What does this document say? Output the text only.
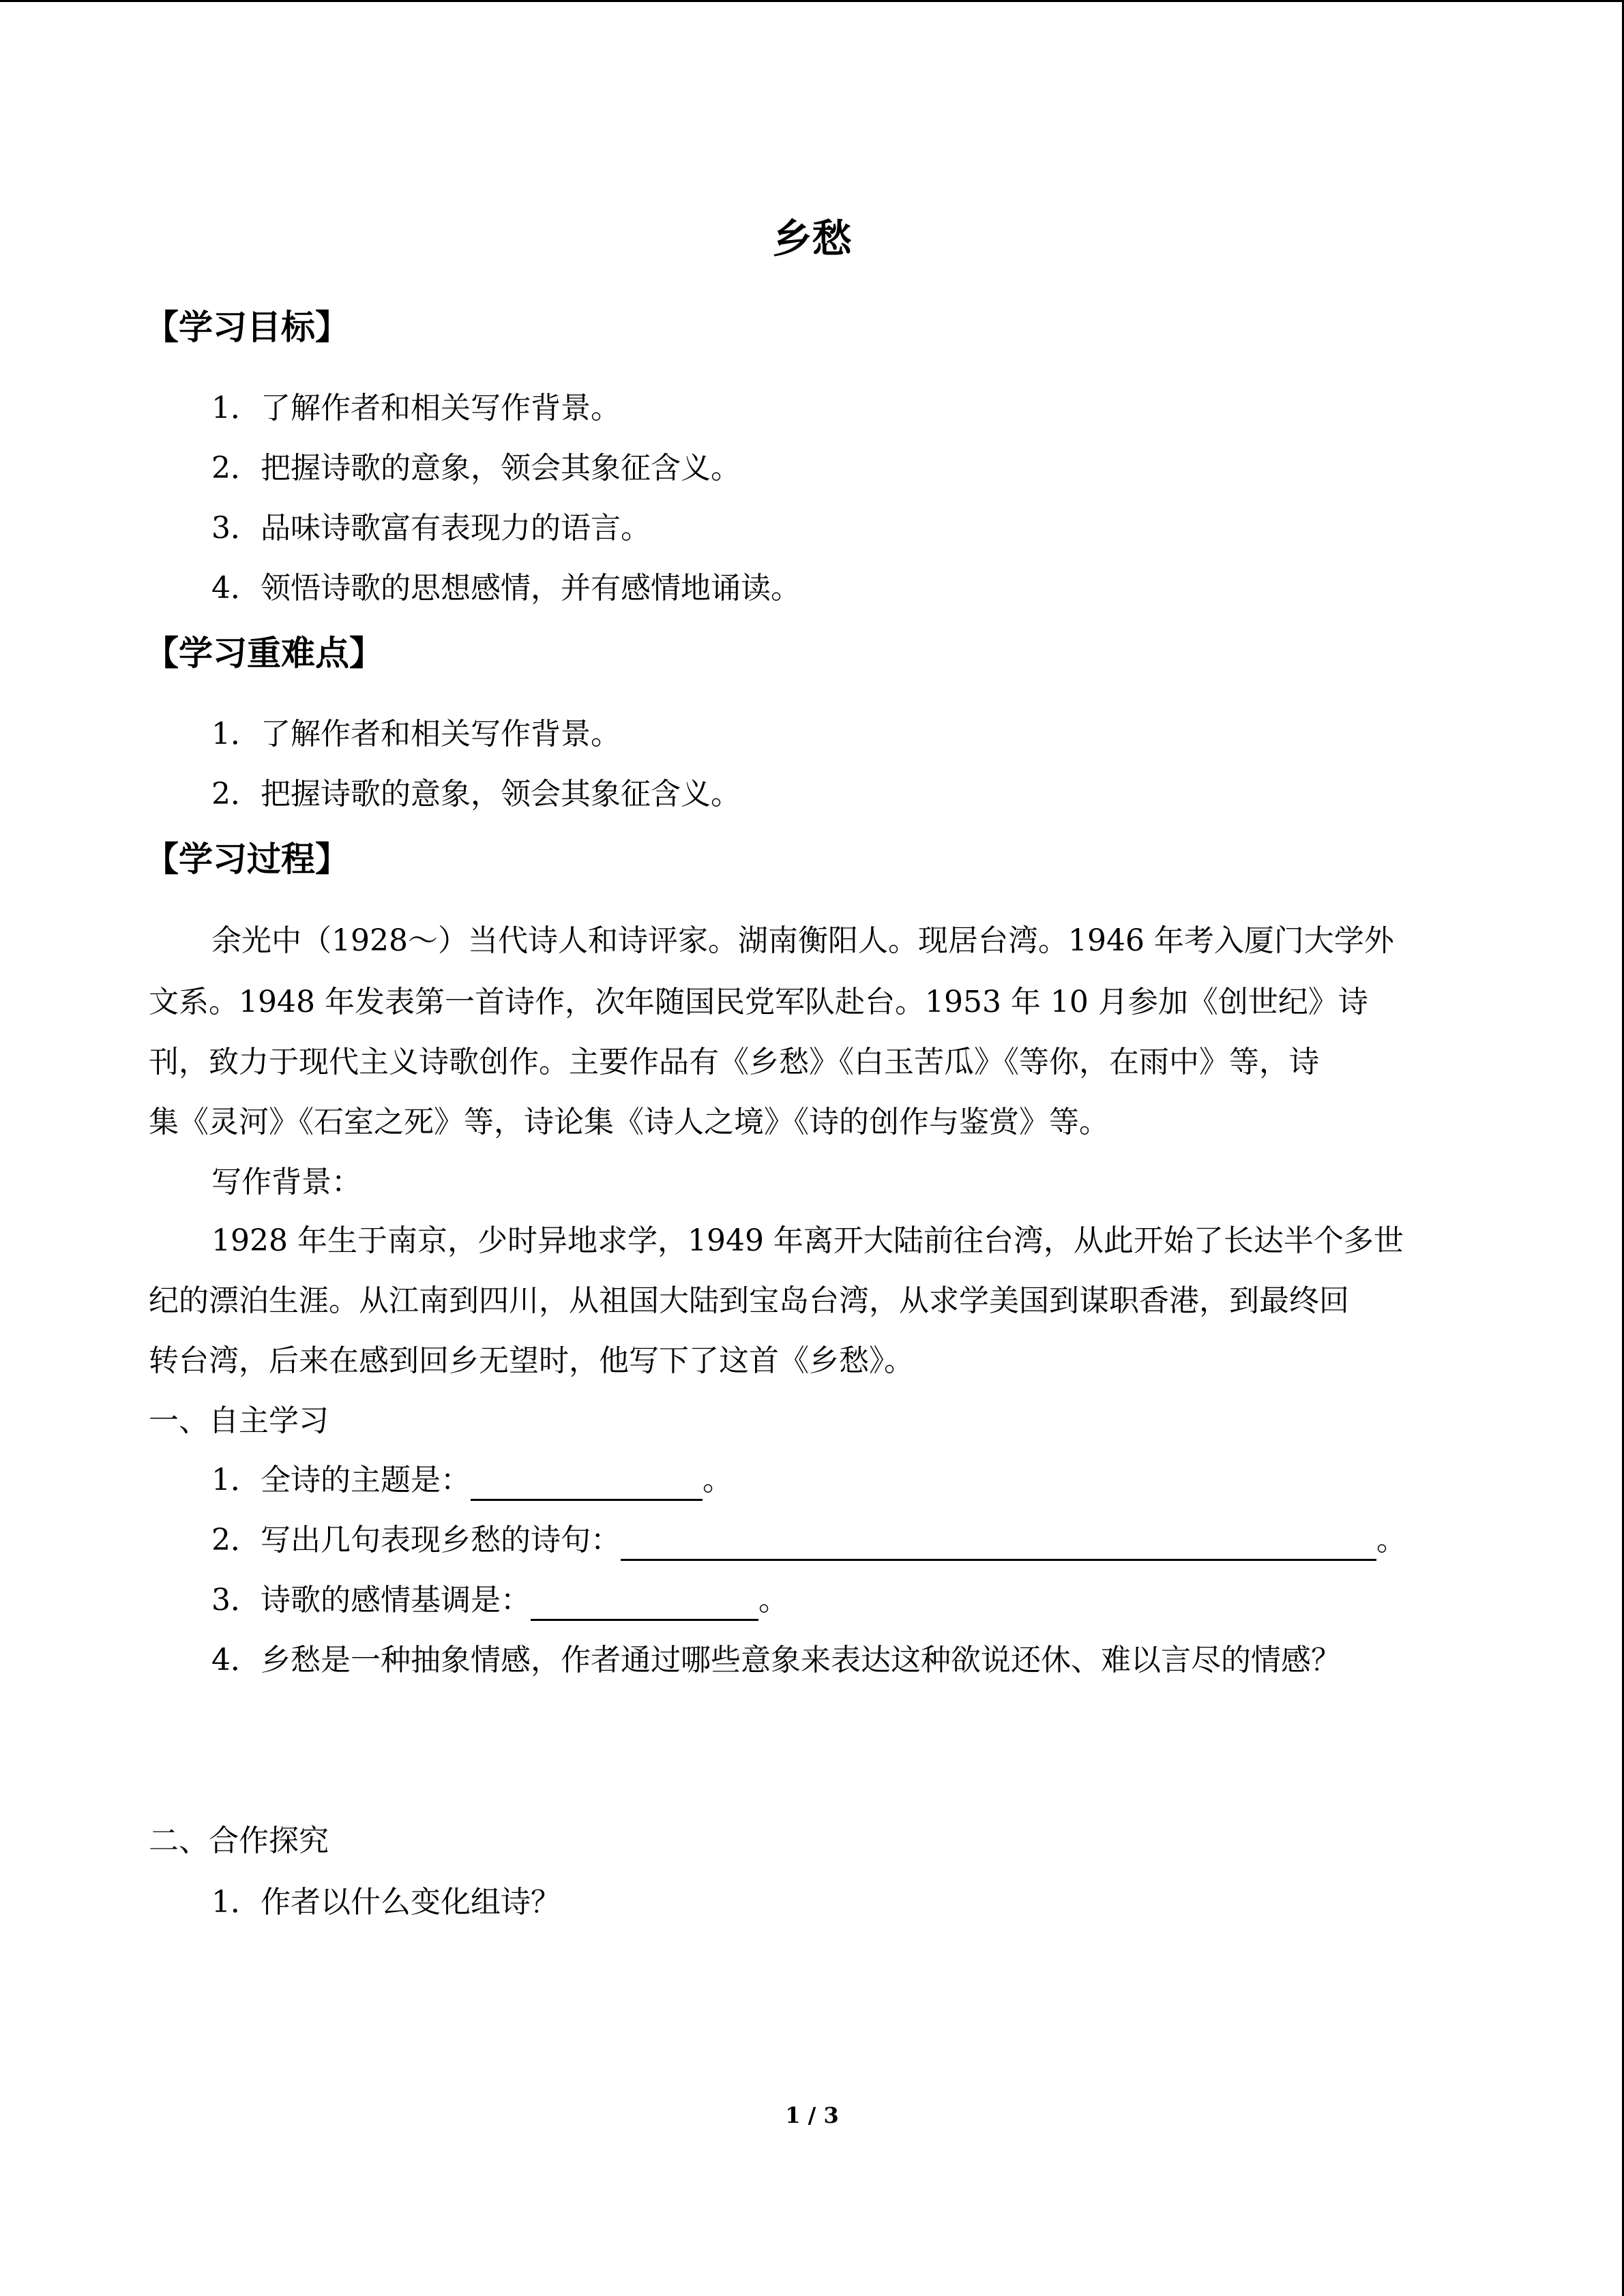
乡愁
【学习目标】
1．了解作者和相关写作背景。
2．把握诗歌的意象，领会其象征含义。
3．品味诗歌富有表现力的语言。
4．领悟诗歌的思想感情，并有感情地诵读。
【学习重难点】
1．了解作者和相关写作背景。
2．把握诗歌的意象，领会其象征含义。
【学习过程】
余光中（1928～）当代诗人和诗评家。湖南衡阳人。现居台湾。1946 年考入厦门大学外
文系。1948 年发表第一首诗作，次年随国民党军队赴台。1953 年 10 月参加《创世纪》诗
刊，致力于现代主义诗歌创作。主要作品有《乡愁》《白玉苦瓜》《等你，在雨中》等，诗
集《灵河》《石室之死》等，诗论集《诗人之境》《诗的创作与鉴赏》等。
写作背景：
1928 年生于南京，少时异地求学，1949 年离开大陆前往台湾，从此开始了长达半个多世
纪的漂泊生涯。从江南到四川，从祖国大陆到宝岛台湾，从求学美国到谋职香港，到最终回
转台湾，后来在感到回乡无望时，他写下了这首《乡愁》。
一、自主学习
1．全诗的主题是：	。
2．写出几句表现乡愁的诗句：	。
3．诗歌的感情基调是：	。
4．乡愁是一种抽象情感，作者通过哪些意象来表达这种欲说还休、难以言尽的情感？
二、合作探究
1．作者以什么变化组诗？
1 / 3
